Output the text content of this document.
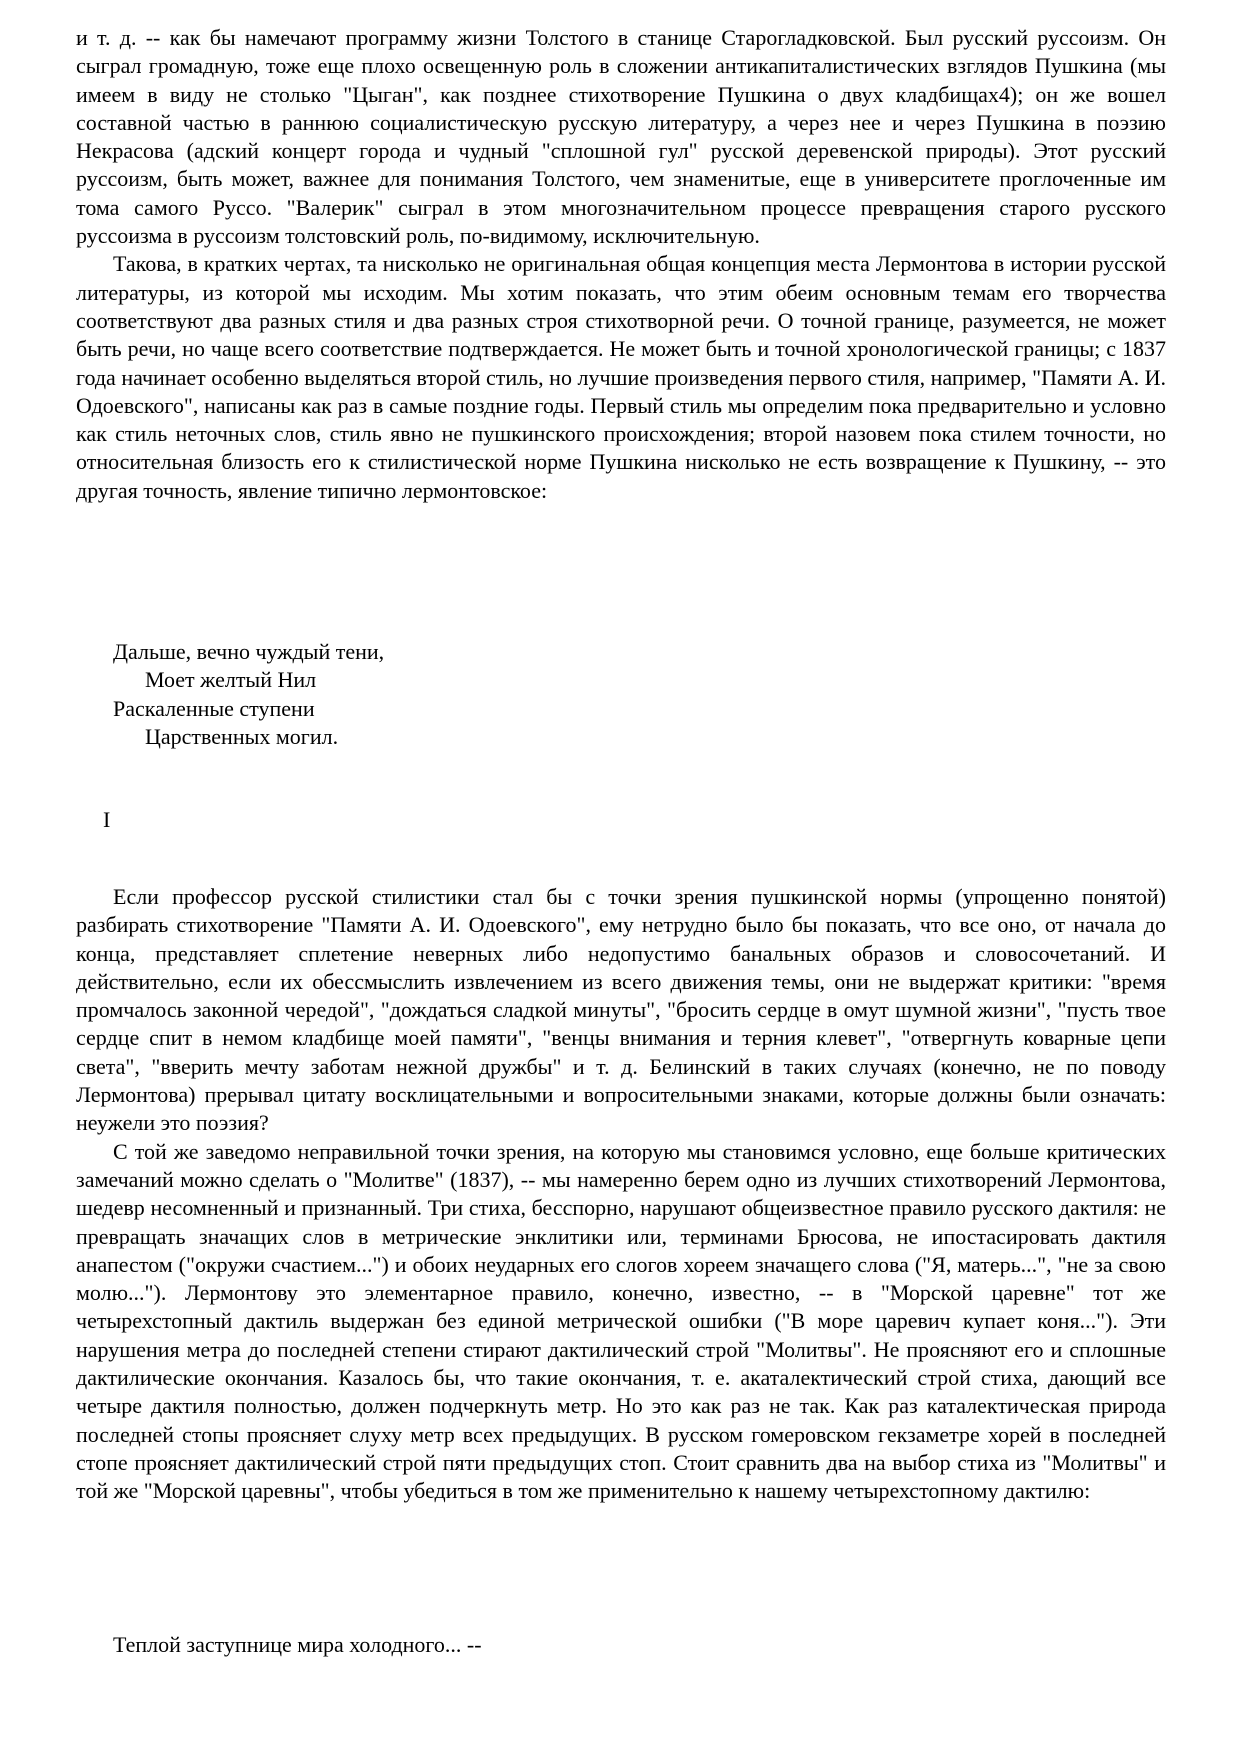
и т. д. -- как бы намечают программу жизни Толстого в станице Старогладковской. Был русский руссоизм. Он сыграл громадную, тоже еще плохо освещенную роль в сложении антикапиталистических взглядов Пушкина (мы имеем в виду не столько "Цыган", как позднее стихотворение Пушкина о двух кладбищах4); он же вошел составной частью в раннюю социалистическую русскую литературу, а через нее и через Пушкина в поэзию Некрасова (адский концерт города и чудный "сплошной гул" русской деревенской природы). Этот русский руссоизм, быть может, важнее для понимания Толстого, чем знаменитые, еще в университете проглоченные им тома самого Руссо. "Валерик" сыграл в этом многозначительном процессе превращения старого русского руссоизма в руссоизм толстовский роль, по-видимому, исключительную.

Такова, в кратких чертах, та нисколько не оригинальная общая концепция места Лермонтова в истории русской литературы, из которой мы исходим. Мы хотим показать, что этим обеим основным темам его творчества соответствуют два разных стиля и два разных строя стихотворной речи. О точной границе, разумеется, не может быть речи, но чаще всего соответствие подтверждается. Не может быть и точной хронологической границы; с 1837 года начинает особенно выделяться второй стиль, но лучшие произведения первого стиля, например, "Памяти А. И. Одоевского", написаны как раз в самые поздние годы. Первый стиль мы определим пока предварительно и условно как стиль неточных слов, стиль явно не пушкинского происхождения; второй назовем пока стилем точности, но относительная близость его к стилистической норме Пушкина нисколько не есть возвращение к Пушкину, -- это другая точность, явление типично лермонтовское:

Дальше, вечно чуждый тени,
Моет желтый Нил
Раскаленные ступени
Царственных могил.
I

Если профессор русской стилистики стал бы с точки зрения пушкинской нормы (упрощенно понятой) разбирать стихотворение "Памяти А. И. Одоевского", ему нетрудно было бы показать, что все оно, от начала до конца, представляет сплетение неверных либо недопустимо банальных образов и словосочетаний. И действительно, если их обессмыслить извлечением из всего движения темы, они не выдержат критики: "время промчалось законной чередой", "дождаться сладкой минуты", "бросить сердце в омут шумной жизни", "пусть твое сердце спит в немом кладбище моей памяти", "венцы внимания и терния клевет", "отвергнуть коварные цепи света", "вверить мечту заботам нежной дружбы" и т. д. Белинский в таких случаях (конечно, не по поводу Лермонтова) прерывал цитату восклицательными и вопросительными знаками, которые должны были означать: неужели это поэзия?

С той же заведомо неправильной точки зрения, на которую мы становимся условно, еще больше критических замечаний можно сделать о "Молитве" (1837), -- мы намеренно берем одно из лучших стихотворений Лермонтова, шедевр несомненный и признанный. Три стиха, бесспорно, нарушают общеизвестное правило русского дактиля: не превращать значащих слов в метрические энклитики или, терминами Брюсова, не ипостасировать дактиля анапестом ("окружи счастием...") и обоих неударных его слогов хореем значащего слова ("Я, матерь...", "не за свою молю..."). Лермонтову это элементарное правило, конечно, известно, -- в "Морской царевне" тот же четырехстопный дактиль выдержан без единой метрической ошибки ("В море царевич купает коня..."). Эти нарушения метра до последней степени стирают дактилический строй "Молитвы". Не проясняют его и сплошные дактилические окончания. Казалось бы, что такие окончания, т. е. акаталектический строй стиха, дающий все четыре дактиля полностью, должен подчеркнуть метр. Но это как раз не так. Как раз каталектическая природа последней стопы проясняет слуху метр всех предыдущих. В русском гомеровском гекзаметре хорей в последней стопе проясняет дактилический строй пяти предыдущих стоп. Стоит сравнить два на выбор стиха из "Молитвы" и той же "Морской царевны", чтобы убедиться в том же применительно к нашему четырехстопному дактилю:

Теплой заступнице мира холодного... --
